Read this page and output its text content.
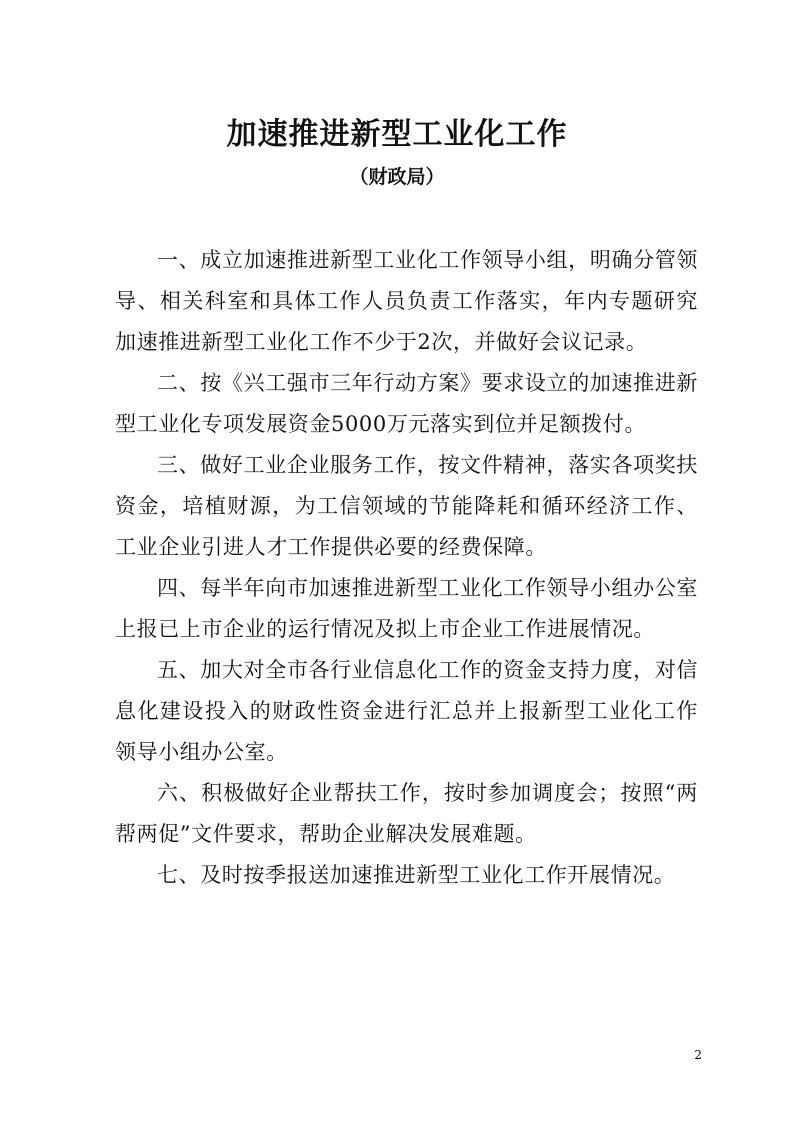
加速推进新型工业化工作
（财政局）

一、成立加速推进新型工业化工作领导小组，明确分管领导、相关科室和具体工作人员负责工作落实，年内专题研究加速推进新型工业化工作不少于2次，并做好会议记录。

二、按《兴工强市三年行动方案》要求设立的加速推进新型工业化专项发展资金5000万元落实到位并足额拨付。

三、做好工业企业服务工作，按文件精神，落实各项奖扶资金，培植财源，为工信领域的节能降耗和循环经济工作、工业企业引进人才工作提供必要的经费保障。

四、每半年向市加速推进新型工业化工作领导小组办公室上报已上市企业的运行情况及拟上市企业工作进展情况。

五、加大对全市各行业信息化工作的资金支持力度，对信息化建设投入的财政性资金进行汇总并上报新型工业化工作领导小组办公室。

六、积极做好企业帮扶工作，按时参加调度会；按照“两帮两促”文件要求，帮助企业解决发展难题。

七、及时按季报送加速推进新型工业化工作开展情况。

2
